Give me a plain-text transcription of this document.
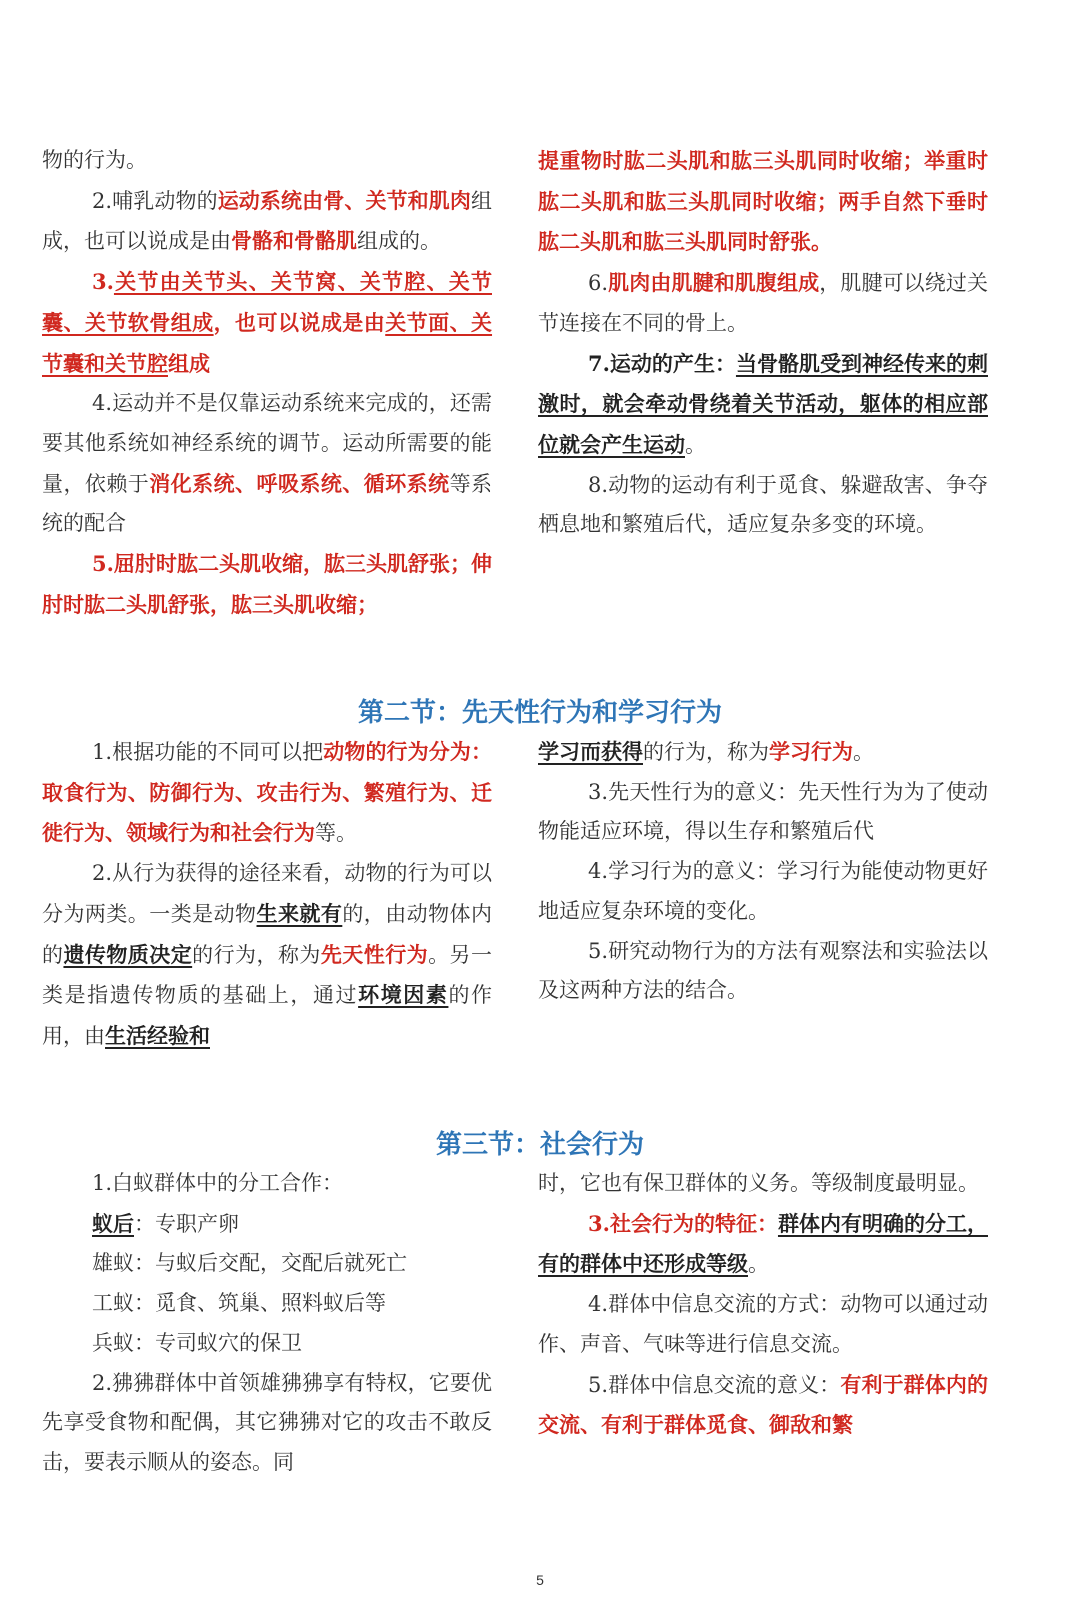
物的行为。

2.哺乳动物的运动系统由骨、关节和肌肉组成，也可以说成是由骨骼和骨骼肌组成的。

3.关节由关节头、关节窝、关节腔、关节囊、关节软骨组成，也可以说成是由关节面、关节囊和关节腔组成

4.运动并不是仅靠运动系统来完成的，还需要其他系统如神经系统的调节。运动所需要的能量，依赖于消化系统、呼吸系统、循环系统等系统的配合

5.屈肘时肱二头肌收缩，肱三头肌舒张；伸肘时肱二头肌舒张，肱三头肌收缩；

提重物时肱二头肌和肱三头肌同时收缩；举重时肱二头肌和肱三头肌同时收缩；两手自然下垂时肱二头肌和肱三头肌同时舒张。

6.肌肉由肌腱和肌腹组成，肌腱可以绕过关节连接在不同的骨上。

7.运动的产生：当骨骼肌受到神经传来的刺激时，就会牵动骨绕着关节活动，躯体的相应部位就会产生运动。

8.动物的运动有利于觅食、躲避敌害、争夺栖息地和繁殖后代，适应复杂多变的环境。

第二节：先天性行为和学习行为

1.根据功能的不同可以把动物的行为分为：取食行为、防御行为、攻击行为、繁殖行为、迁徙行为、领域行为和社会行为等。

2.从行为获得的途径来看，动物的行为可以分为两类。一类是动物生来就有的，由动物体内的遗传物质决定的行为，称为先天性行为。另一类是指遗传物质的基础上，通过环境因素的作用，由生活经验和

学习而获得的行为，称为学习行为。

3.先天性行为的意义：先天性行为为了使动物能适应环境，得以生存和繁殖后代

4.学习行为的意义：学习行为能使动物更好地适应复杂环境的变化。

5.研究动物行为的方法有观察法和实验法以及这两种方法的结合。

第三节：社会行为

1.白蚁群体中的分工合作：

蚁后：专职产卵

雄蚁：与蚁后交配，交配后就死亡

工蚁：觅食、筑巢、照料蚁后等

兵蚁：专司蚁穴的保卫

2.狒狒群体中首领雄狒狒享有特权，它要优先享受食物和配偶，其它狒狒对它的攻击不敢反击，要表示顺从的姿态。同

时，它也有保卫群体的义务。等级制度最明显。

3.社会行为的特征：群体内有明确的分工，有的群体中还形成等级。

4.群体中信息交流的方式：动物可以通过动作、声音、气味等进行信息交流。

5.群体中信息交流的意义：有利于群体内的交流、有利于群体觅食、御敌和繁

5
